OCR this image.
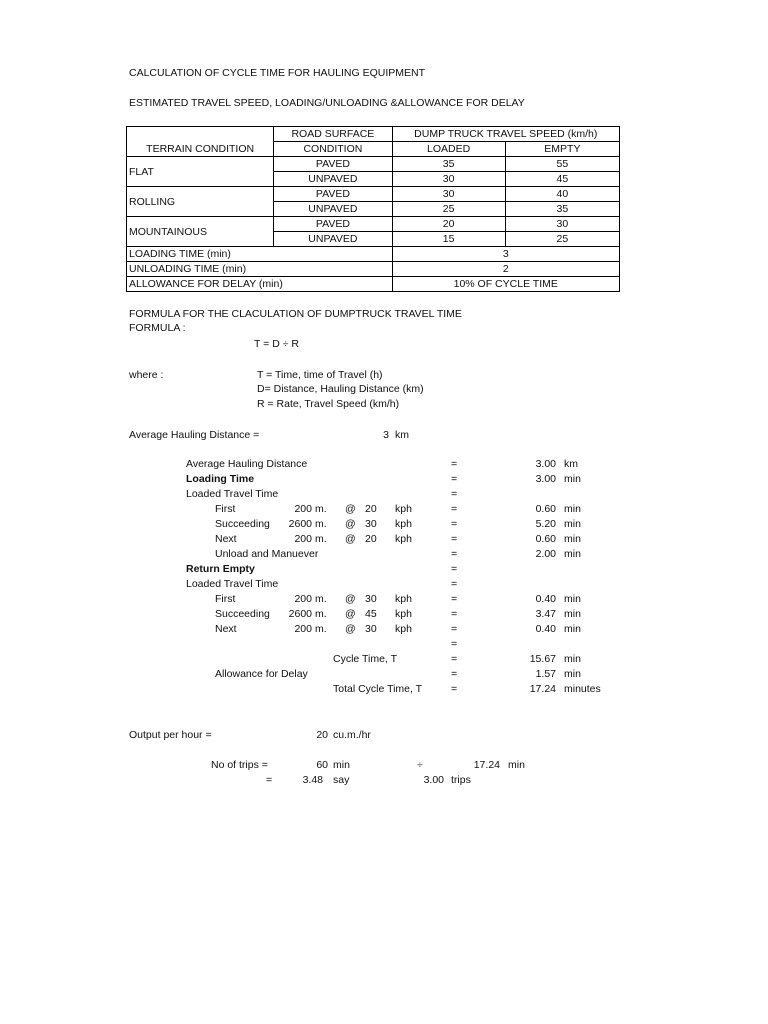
CALCULATION OF CYCLE TIME FOR HAULING EQUIPMENT
ESTIMATED TRAVEL SPEED, LOADING/UNLOADING &ALLOWANCE FOR DELAY
TERRAIN CONDITION	ROAD SURFACE	DUMP TRUCK TRAVEL SPEED (km/h)	
	CONDITION	LOADED	EMPTY
FLAT	PAVED	35	55
	UNPAVED	30	45
ROLLING	PAVED	30	40
	UNPAVED	25	35
MOUNTAINOUS	PAVED	20	30
	UNPAVED	15	25
LOADING TIME (min)		3	
UNLOADING TIME (min)		2	
ALLOWANCE FOR DELAY (min)		10% OF CYCLE TIME	
FORMULA FOR THE CLACULATION OF DUMPTRUCK TRAVEL TIME
FORMULA :
T = D ÷ R
where :	T = Time, time of Travel (h)
D= Distance, Hauling Distance (km)
R = Rate, Travel Speed (km/h)
Average Hauling Distance =	3 km
Average Hauling Distance	=	3.00 km
Loading Time	=	3.00 min
Loaded Travel Time	=
First	200 m. @ 20 kph	=	0.60 min
Succeeding	2600 m. @ 30 kph	=	5.20 min
Next	200 m. @ 20 kph	=	0.60 min
Unload and Manuever	=	2.00 min
Return Empty	=
Loaded Travel Time	=
First	200 m. @ 30 kph	=	0.40 min
Succeeding	2600 m. @ 45 kph	=	3.47 min
Next	200 m. @ 30 kph	=	0.40 min
=
Cycle Time, T	=	15.67 min
Allowance for Delay	=	1.57 min
Total Cycle Time, T	=	17.24 minutes
Output per hour =	20 cu.m./hr
No of trips =	60 min	÷	17.24 min
=	3.48 say	3.00 trips
